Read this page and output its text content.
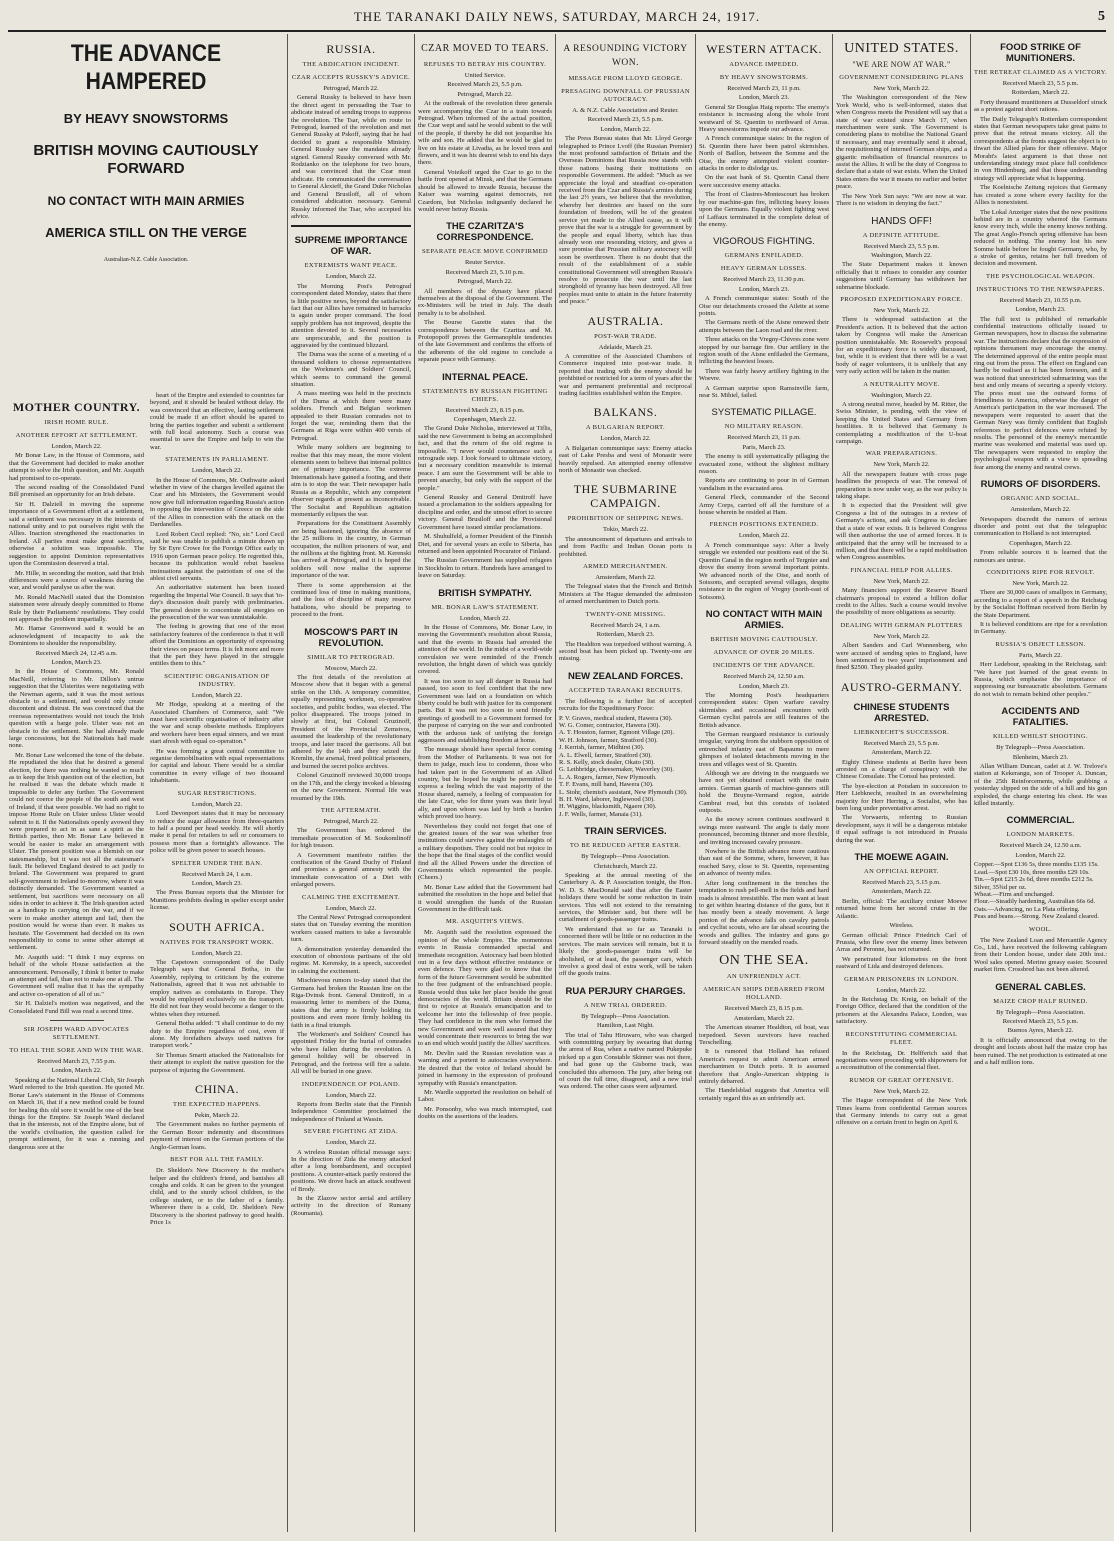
THE TARANAKI DAILY NEWS, SATURDAY, MARCH 24, 1917.	5
THE ADVANCE HAMPERED
BY HEAVY SNOWSTORMS
BRITISH MOVING CAUTIOUSLY FORWARD
NO CONTACT WITH MAIN ARMIES
AMERICA STILL ON THE VERGE
Australian-N.Z. Cable Association.
MOTHER COUNTRY.
IRISH HOME RULE.
ANOTHER EFFORT AT SETTLEMENT.
London, March 22.

Mr Bonar Law, in the House of Commons, said that the Government had decided to make another attempt to solve the Irish question, and Mr. Asquith had promised to co-operate.

The second reading of the Consolidated Fund Bill promised an opportunity for an Irish debate.

Sir H. Dalziell in moving the supreme importance of a Government effort at a settlement, said a settlement was necessary in the interests of national unity and to put ourselves right with the Allies. Inaction strengthened the reactionaries in Ireland. All parties must make great sacrifices, otherwise a solution was impossible. The suggestion to appoint Dominion representatives upon the Commission deserved a trial.

Mr. Hille, in seconding the motion, said that Irish differences were a source of weakness during the war, and would paralyse us after the war.

Mr. Ronald MacNeill stated that the Dominion statesmen were already deeply committed to Home Rule by their Parliaments' resolutions. They could not approach the problem impartially.

Mr. Hamar Greenwood said it would be an acknowledgment of incapacity to ask the Dominions to shoulder the responsibility.

Received March 24, 12.45 a.m.
London, March 23.

In the House of Commons, Mr. Ronald MacNeill, referring to Mr. Dillon's untrue suggestion that the Ulsterites were negotiating with the Newman agents, said it was the most serious obstacle to a settlement, and would only create discontent and distrust. He was convinced that the overseas representatives would not touch the Irish question with a barge pole. Ulster was not an obstacle to the settlement. She had already made large concessions, but the Nationalists had made none.

Mr. Bonar Law welcomed the tone of the debate. He repudiated the idea that he desired a general election, for there was nothing he wanted so much as to keep the Irish question out of the election, but he realised it was the debate which made it impossible to defer any further. The Government could not coerce the people of the south and west of Ireland, if that were possible. We had no right to impose Home Rule on Ulster unless Ulster would submit to it. If the Nationalists openly avowed they were prepared to act in as sane a spirit as the British parties, then Mr. Bonar Law believed it would be easier to make an arrangement with Ulster. The present position was a blemish on our statesmanship, but it was not all the statesman's fault. He believed England desired to act justly to Ireland. The Government was prepared to grant self-government to Ireland to-morrow, where it was distinctly demanded. The Government wanted a settlement, but sacrifices were necessary on all sides in order to achieve it. The Irish question acted as a handicap in carrying on the war, and if we were to make another attempt and fail, then the position would be worse than ever. It makes us hesitate. The Government had decided on its own responsibility to come to some other attempt at settlement.

Mr. Asquith said: "I think I may express on behalf of the whole House satisfaction at the announcement. Personally, I think it better to make an attempt and fail, than not to make one at all. The Government will realise that it has the sympathy and active co-operation of all of us."

Sir H. Dalziel's motion was negatived, and the Consolidated Fund Bill was read a second time.

SIR JOSEPH WARD ADVOCATES SETTLEMENT.
TO HEAL THE SORE AND WIN THE WAR.
Received March 23, 7.55 p.m.
London, March 22.

Speaking at the National Liberal Club, Sir Joseph Ward referred to the Irish question. He quoted Mr. Bonar Law's statement in the House of Commons on March 16, that if a new method could be found for healing this old sore it would be one of the best things for the Empire. Sir Joseph Ward declared that in the interests, not of the Empire alone, but of the world's civilisation, the question called for prompt settlement, for it was a running and dangerous sore at the

heart of the Empire and extended to countries far beyond, and it should be healed without delay. He was convinced that an effective, lasting settlement could be made if an effort should be spared to bring the parties together and submit a settlement with full local autonomy. Such a course was essential to save the Empire and help to win the war.

STATEMENTS IN PARLIAMENT.
London, March 22.

In the House of Commons, Mr. Outhwaite asked whether in view of the charges levelled against the Czar and his Ministers, the Government would now give full information regarding Russia's action in opposing the intervention of Greece on the side of the Allies in connection with the attack on the Dardanelles.

Lord Robert Cecil replied: "No, sir." Lord Cecil said he was unable to publish a minute drawn up by Sir Eyre Crowe for the Foreign Office early in 1916 upon German peace policy. He regretted this, because its publication would rebut baseless insinuations against the patriotism of one of the ablest civil servants.

An authoritative statement has been issued regarding the Imperial War Council. It says that 'to-day's discussion dealt purely with preliminaries. The general desire to concentrate all energies on the prosecution of the war was unmistakable.

The feeling is growing that one of the most satisfactory features of the conference is that it will afford the Dominions an opportunity of expressing their views on peace terms. It is felt more and more that the part they have played in the struggle entitles them to this."

SCIENTIFIC ORGANISATION OF INDUSTRY.
London, March 22.

Mr Hodge, speaking at a meeting of the Associated Chambers of Commerce, said: "We must have scientific organisation of industry after the war and scrap obsolete methods. Employers and workers have been equal sinners, and we must start afresh with equal co-operation."

He was forming a great central committee to organise demobilisation with equal representations for capital and labour. There would be a similar committee in every village of two thousand inhabitants.

SUGAR RESTRICTIONS.
London, March 22.

Lord Devonport states that it may be necessary to reduce the sugar allowance from three-quarters to half a pound per head weekly. He will shortly make it penal for retailers to sell or consumers to possess more than a fortnight's allowance. The police will be given power to search houses.

SPELTER UNDER THE BAN.
Received March 24, 1 a.m.
London, March 23.

The Press Bureau reports that the Minister for Munitions prohibits dealing in spelter except under license.

SOUTH AFRICA.
NATIVES FOR TRANSPORT WORK.
London, March 22.

The Capetown correspondent of the Daily Telegraph says that General Botha, in the Assembly, replying to criticism by the extreme Nationalists, agreed that it was not advisable to employ natives as combatants in Europe. They would be employed exclusively on the transport. He did not fear they would become a danger to the whites when they returned.

General Botha added: "I shall continue to do my duty to the Empire regardless of cost, even if alone. My forefathers always used natives for transport work."

Sir Thomas Smartt attacked the Nationalists for their attempt to exploit the native question for the purpose of injuring the Government.

CHINA.
THE EXPECTED HAPPENS.
Pekin, March 22.

The Government makes no further payments of the German Boxer indemnity and discontinues payment of interest on the German portions of the Anglo-German loans.

BEST FOR ALL THE FAMILY.

Dr. Sheldon's New Discovery is the mother's helper and the children's friend, and banishes all coughs and colds. It can be given to the youngest child, and to the sturdy school children, to the college student, or to the father of a family. Wherever there is a cold, Dr. Sheldon's New Discovery is the shortest pathway to good health. Price 1s

RUSSIA.
THE ABDICATION INCIDENT.
CZAR ACCEPTS RUSSKY'S ADVICE.
Petrograd, March 22.

General Russky is believed to have been the direct agent in persuading the Tsar to abdicate instead of sending troops to suppress the revolution. The Tsar, while en route to Petrograd, learned of the revolution and met General Russky at Pskoff, saying that he had decided to grant a responsible Ministry. General Russky saw the mandates already signed. General Russky conversed with Mr. Rodzianko on the telephone for two hours, and was convinced that the Czar must abdicate. He communicated the conversation to General Alexieff, the Grand Duke Nicholas and General Brusiloff, all of whom considered abdication necessary. General Russky informed the Tsar, who accepted his advice.

SUPREME IMPORTANCE OF WAR.
EXTREMISTS WANT PEACE.
London, March 22.

The Morning Post's Petrograd correspondent dated Monday, states that there is little positive news, beyond the satisfactory fact that our Allies have remained in barracks is again under proper command. The food supply problem has not improved, despite the attention devoted to it. Several necessaries are unprocurable, and the position is aggravated by the continued blizzard.

The Duma was the scene of a meeting of a thousand soldiers to choose representatives on the Workmen's and Soldiers' Council, which seems to command the general situation.

A mass meeting was held in the precincts of the Duma at which there were many soldiers. French and Belgian workmen appealed to their Russian comrades not to forget the war, reminding them that the Germans at Riga were within 400 versts of Petrograd.

While many soldiers are beginning to realise that this may mean, the more violent elements seem to believe that internal politics are of primary importance. The extreme Internationals have gained a footing, and their aim is to stop the war. Their newspaper hails Russia as a Republic, which any competent observer regards at present as inconceivable. The Socialist and Republican agitation momentarily eclipses the war.

Preparations for the Constituent Assembly are being hastened, ignoring the absence of the 25 millions in the country, in German occupation, the million prisoners of war, and the millions at the fighting front. M. Kerenski has arrived at Petrograd, and it is hoped the soldiers will now realise the supreme importance of the war.

There is some apprehension at the continued loss of time in making munitions, and the loss of discipline of many reserve battalions, who should be preparing to proceed to the front.

MOSCOW'S PART IN REVOLUTION.
SIMILAR TO PETROGRAD.
Moscow, March 22.

The first details of the revolution at Moscow show that it began with a general strike on the 13th. A temporary committee, equally representing workmen, co-operative societies, and public bodies, was elected. The police disappeared. The troops joined in slowly at first, but Colonel Gruzinoff, President of the Provincial Zemstvos, assumed the leadership of the revolutionary troops, and later traced the garrisons. All but adhered by the 14th and they seized the Kremlin, the arsenal, freed political prisoners, and burned the secret police archives.

Colonel Gruzinoff reviewed 30,000 troops on the 17th, and the clergy invoked a blessing on the new Government. Normal life was resumed by the 19th.

THE AFTERMATH.
Petrograd, March 22.

The Government has ordered the immediate prosecution of M. Soukomlinoff for high treason.

A Government manifesto ratifies the confiscation of the Grand Duchy of Finland and promises a general amnesty with the immediate convocation of a Diet with enlarged powers.

CALMING THE EXCITEMENT.
London, March 22.

The Central News' Petrograd correspondent states that on Tuesday evening the munition workers caused matters to take a favourable turn.

A demonstration yesterday demanded the execution of obnoxious partisans of the old regime. M. Kerensky, in a speech, succeeded in calming the excitement.

Mischievous rumors to-day stated that the Germans had broken the Russian line on the Riga-Dvinsk front. General Dmitroff, in a reassuring letter to members of the Duma, states that the army is firmly holding its positions and even more firmly holding its faith in a final triumph.

The Workmen's and Soldiers' Council has appointed Friday for the burial of comrades who have fallen during the revolution. A general holiday will be observed in Petrograd, and the fortress will fire a salute. All will be buried in one grave.

INDEPENDENCE OF POLAND.
London, March 22.

Reports from Berlin state that the Finnish Independence Committee proclaimed the independence of Finland at Wassin.

SEVERE FIGHTING AT ZIDA.
London, March 22.

A wireless Russian official message says: In the direction of Zida the enemy attacked after a long bombardment, and occupied positions. A counter-attack partly restored the positions. We drove back an attack southwest of Brody.

In the Zlazow sector aerial and artillery activity in the direction of Rumany (Roumania).

CZAR MOVED TO TEARS.
REFUSES TO BETRAY HIS COUNTRY.
United Service.
Received March 23, 5.5 p.m.
Petrograd, March 22.

At the outbreak of the revolution three generals were accompanying the Czar in a train towards Petrograd. When informed of the actual position, the Czar wept and said he would submit to the will of the people, if thereby he did not jeopardise his wife and son. He added that he would be glad to live on his estate at Livadia, as he loved trees and flowers, and it was his dearest wish to end his days there.

General Voieikoff urged the Czar to go to the battle front opened at Minsk, and that the Germans should be allowed to invade Russia, because the Kaiser was warning against democrats, not Czardom, but Nicholas indignantly declared he would never betray Russia.

THE CZARITZA'S CORRESPONDENCE.
SEPARATE PEACE MOVE CONFIRMED
Reuter Service.
Received March 23, 5.10 p.m.
Petrograd, March 22.

All members of the dynasty have placed themselves at the disposal of the Government. The ex-Ministers will be tried in July. The death penalty is to be abolished.

The Bourse Gazette states that the correspondence between the Czaritza and M. Protopopoff proves the Germanophile tendencies of the late Government and confirms the efforts of the adherents of the old regime to conclude a separate peace with Germany.

INTERNAL PEACE.
STATEMENTS BY RUSSIAN FIGHTING CHIEFS.
Received March 23, 8.15 p.m.
Copenhagen, March 22.

The Grand Duke Nicholas, interviewed at Tiflis, said the new Government is being an accomplished fact, and that the return of the old regime is impossible. "I never would countenance such a retrograde step. I look forward to ultimate victory, but a necessary condition meanwhile is internal peace. I am sure the Government will be able to prevent anarchy, but only with the support of the people."

General Russky and General Dmitroff have issued a proclamation to the soldiers appealing for discipline and order, and the utmost effort to secure victory. General Brusiloff and the Provisional Government have issued similar proclamations.

M. Shuhulfeld, a former President of the Finnish Diet, and for several years an exile to Siberia, has returned and been appointed Procurator of Finland.

The Russian Government has supplied refugees in Stockholm to return. Hundreds have arranged to leave on Saturday.

BRITISH SYMPATHY.
MR. BONAR LAW'S STATEMENT.
London, March 22.

In the House of Commons, Mr. Bonar Law, in moving the Government's resolution about Russia, said that the events in Russia had arrested the attention of the world. In the midst of a world-wide convulsion we were reminded of the French revolution, the bright dawn of which was quickly covered.

It was too soon to say all danger in Russia had passed, too soon to feel confident that the new Government was laid on a foundation on which liberty could be built with justice for its component parts. But it was not too soon to send friendly greetings of goodwill to a Government formed for the purpose of carrying on the war and confronted with the arduous task of unifying the foreign aggressors and establishing freedom at home.

The message should have special force coming from the Mother of Parliaments. It was not for them to judge, much less to condemn, those who had taken part in the Government of an Allied country, but he hoped he might be permitted to express a feeling which the vast majority of the House shared, namely, a feeling of compassion for the late Czar, who for three years was their loyal ally, and upon whom was laid by birth a burden which proved too heavy.

Nevertheless they could not forget that one of the greatest issues of the war was whether free institutions could survive against the onslaughts of a military despotism. They could not but rejoice in the hope that the final stages of the conflict would find all the Allied Powers under the direction of Governments which represented the people. (Cheers.)

Mr. Bonar Law added that the Government had submitted the resolution in the hope and belief that it would strengthen the hands of the Russian Government in the difficult task.

MR. ASQUITH'S VIEWS.

Mr. Asquith said the resolution expressed the opinion of the whole Empire. The momentous events in Russia commanded special and immediate recognition. Autocracy had been blotted out in a few days without effective resistance or even defence. They were glad to know that the form of the future Government would be submitted to the free judgment of the enfranchised people. Russia would thus take her place beside the great democracies of the world. Britain should be the first to rejoice at Russia's emancipation and to welcome her into the fellowship of free people. They had confidence in the men who formed the new Government and were well assured that they would concentrate their resources to bring the war to an end which would justify the Allies' sacrifices.

Mr. Devlin said the Russian revolution was a warning and a portent to autocracies everywhere. He desired that the voice of Ireland should be joined in harmony in the expression of profound sympathy with Russia's emancipation.

Mr. Wardle supported the resolution on behalf of Labor.

Mr. Ponsonby, who was much interrupted, cast doubts on the assertions of the leaders.

A RESOUNDING VICTORY WON.
MESSAGE FROM LLOYD GEORGE.
PRESAGING DOWNFALL OF PRUSSIAN AUTOCRACY.
A. & N.Z. Cable Association and Reuter.
Received March 23, 5.5 p.m.
London, March 22.

The Press Bureau states that Mr. Lloyd George telegraphed to Prince Lvoff (the Russian Premier) the most profound satisfaction of Britain and the Overseas Dominions that Russia now stands with those nations basing their institutions on responsible Government. He added: "Much as we appreciate the loyal and steadfast co-operation received from the Czar and Russia's armies during the last 2½ years, we believe that the revolution, whereby her destinies are based on the sure foundation of freedom, will be of the greatest service yet made to the Allied cause, as it will prove that the war is a struggle for government by the people and equal liberty, which has thus already won one resounding victory, and gives a sure promise that Prussian military autocracy will soon be overthrown. There is no doubt that the result of the establishment of a stable constitutional Government will strengthen Russia's resolve to prosecute the war until the last stronghold of tyranny has been destroyed. All free peoples must unite to attain in the future fraternity and peace."

AUSTRALIA.
POST-WAR TRADE.
Adelaide, March 23.

A committee of the Associated Chambers of Commerce inquired into post-war trade. It reported that trading with the enemy should be prohibited or restricted for a term of years after the war and permanent preferential and reciprocal trading facilities established within the Empire.

BALKANS.
A BULGARIAN REPORT.
London, March 22.

A Bulgarian communique says: Enemy attacks east of Lake Presba and west of Monastir were heavily repulsed. An attempted enemy offensive north of Monastir was checked.

THE SUBMARINE CAMPAIGN.
PROHIBITION OF SHIPPING NEWS.
Tokio, March 22.

The announcement of departures and arrivals to and from Pacific and Indian Ocean ports is prohibited.

ARMED MERCHANTMEN.
Amsterdam, March 22.

The Telegraaf states that the French and British Ministers at The Hague demanded the admission of armed merchantmen to Dutch ports.

TWENTY-ONE MISSING.
Received March 24, 1 a.m.
Rotterdam, March 23.

The Healdton was torpedoed without warning. A second boat has been picked up. Twenty-one are missing.

NEW ZEALAND FORCES.
ACCEPTED TARANAKI RECRUITS.

The following is a further list of accepted recruits for the Expeditionary Force:

P. V. Graves, medical student, Hawera (30).

W. G. Comer, contractor, Hawera (30).

A. T. Houston, farmer, Egmont Village (20).

W. H. Johnson, farmer, Stratford (30).

J. Kerrish, farmer, Midhirst (30).

A. L. Elwell, farmer, Stratford (30).

R. S. Kelly, stock dealer, Okato (30).

G. Lethbridge, cheesemaker, Waverley (30).

L. A. Rogers, farmer, New Plymouth.

T. F. Evans, mill hand, Hawera (30).

L. Stohr, chemist's assistant, New Plymouth (30).

B. H. Ward, laborer, Inglewood (30).

H. Wiggins, blacksmith, Ngaere (30).

J. F. Wells, farmer, Manaia (31).

TRAIN SERVICES.
TO BE REDUCED AFTER EASTER.
By Telegraph—Press Association.
Christchurch, March 22.

Speaking at the annual meeting of the Canterbury A. & P. Association tonight, the Hon. W. D. S. MacDonald said that after the Easter holidays there would be some reduction in train services. This will not extend to the remaining services, the Minister said, but there will be curtailment of goods-passenger trains.

We understand that so far as Taranaki is concerned there will be little or no reduction in the services. The main services will remain, but it is likely the goods-passenger trains will be abolished, or at least, the passenger cars, which involve a good deal of extra work, will be taken off the goods trains.

RUA PERJURY CHARGES.
A NEW TRIAL ORDERED.
By Telegraph—Press Association.
Hamilton, Last Night.

The trial of Tahu Hiruwaro, who was charged with committing perjury by swearing that during the arrest of Rua, when a native named Pukepuke picked up a gun Constable Skinner was not there, and had gone up the Gisborne track, was concluded this afternoon. The jury, after being out of court the full time, disagreed, and a new trial was ordered. The other cases were adjourned.

WESTERN ATTACK.
ADVANCE IMPEDED.
BY HEAVY SNOWSTORMS.
Received March 23, 11 p.m.
London, March 23.

General Sir Douglas Haig reports: The enemy's resistance is increasing along the whole front westward of St. Quentin to northward of Arras. Heavy snowstorms impede our advance.

A French communique states: In the region of St. Quentin there have been patrol skirmishes. North of Baillon, between the Somme and the Oise, the enemy attempted violent counter-attacks in order to dislodge us.

On the east bank of St. Quentin Canal there were successive enemy attacks.

The front of Clastres-Montescourt has broken by our machine-gun fire, inflicting heavy losses upon the Germans. Equally violent fighting west of Laffaux terminated in the complete defeat of the enemy.

VIGOROUS FIGHTING.
GERMANS ENFILADED.
HEAVY GERMAN LOSSES.
Received March 23, 11.30 p.m.
London, March 23.

A French communique states: South of the Oise our detachments crossed the Ailette at some points.

The Germans north of the Aisne renewed their attempts between the Laon road and the river.

Three attacks on the Vregny-Chivres zone were stopped by our barrage fire. Our artillery in the region south of the Aisne enfiladed the Germans, inflicting the heaviest losses.

There was fairly heavy artillery fighting in the Woevre.

A German surprise upon Ramsinville farm, near St. Mihiel, failed.

SYSTEMATIC PILLAGE.
NO MILITARY REASON.
Received March 23, 11 p.m.
Paris, March 23.

The enemy is still systematically pillaging the evacuated zone, without the slightest military reason.

Reports are continuing to pour in of German vandalism in the evacuated area.

General Fleck, commander of the Second Army Corps, carried off all the furniture of a house wherein he resided at Ham.

FRENCH POSITIONS EXTENDED.
London, March 22.

A French communique says: After a lively struggle we extended our positions east of the St. Quentin Canal in the region north of Tergnier and drove the enemy from several important points. We advanced north of the Oise, and north of Soissons, and occupied several villages, despite resistance in the region of Vregny (north-east of Soissons).

NO CONTACT WITH MAIN ARMIES.
BRITISH MOVING CAUTIOUSLY.
ADVANCE OF OVER 20 MILES.
INCIDENTS OF THE ADVANCE.
Received March 24, 12.50 a.m.
London, March 23.

The Morning Post's headquarters correspondent states: Open warfare cavalry skirmishes and occasional encounters with German cyclist patrols are still features of the British advance.

The German rearguard resistance is curiously irregular, varying from the stubborn opposition of entrenched infantry east of Bapaume to mere glimpses of isolated detachments moving in the trees and villages west of St. Quentin.

Although we are driving in the rearguards we have not yet obtained contact with the main armies. German guards of machine-gunners still hold the Bruyne-Vermand region, astride Cambrai road, but this consists of isolated outposts.

As the snowy screen continues southward it swings more eastward. The angle is daily more pronounced, becoming thinner and more flexible, and inviting increased cavalry pressure.

Nowhere is the British advance more cautious than east of the Somme, where, however, it has reached Savy, close to St. Quentin, representing an advance of twenty miles.

After long confinement in the trenches the temptation to rush pell-mell in the fields and hard roads is almost irresistible. The men want at least to get within hearing distance of the guns, but it has mostly been a steady movement. A large portion of the advance falls on cavalry patrols and cyclist scouts, who are far ahead scouring the woods and gullies. The infantry and guns go forward steadily on the mended roads.

ON THE SEA.
AN UNFRIENDLY ACT.
AMERICAN SHIPS DEBARRED FROM HOLLAND.
Received March 23, 8.15 p.m.
Amsterdam, March 22.

The American steamer Healdton, oil boat, was torpedoed. Seven survivors have reached Terschelling.

It is rumored that Holland has refused America's request to admit American armed merchantmen to Dutch ports. It is assumed therefore that Anglo-American shipping is entirely debarred.

The Handelsblad suggests that America will certainly regard this as an unfriendly act.

UNITED STATES.
"WE ARE NOW AT WAR."
GOVERNMENT CONSIDERING PLANS
New York, March 22.

The Washington correspondent of the New York World, who is well-informed, states that when Congress meets the President will say that a state of war existed since March 17, when merchantmen were sunk. The Government is considering plans to mobilise the National Guard if necessary, and may eventually send it abroad, the requisitioning of interned German ships, and a gigantic mobilisation of financial resources to assist the Allies. It will be the duty of Congress to declare that a state of war exists. When the United States enters the war it means no earlier and better peace.

The New York Sun says: "We are now at war. There is no wisdom in denying the fact."

HANDS OFF!
A DEFINITE ATTITUDE.
Received March 23, 5.5 p.m.
Washington, March 22.

The State Department makes it known officially that it refuses to consider any counter suggestions until Germany has withdrawn her submarine blockade.

PROPOSED EXPEDITIONARY FORCE.
New York, March 22.

There is widespread satisfaction at the President's action. It is believed that the action taken by Congress will make the American position unmistakable. Mr. Roosevelt's proposal for an expeditionary force is widely discussed, but, while it is evident that there will be a vast body of eager volunteers, it is unlikely that any very early action will be taken in the matter.

A NEUTRALITY MOVE.
Washington, March 22.

A strong neutral move, headed by M. Ritter, the Swiss Minister, is pending, with the view of keeping the United States and Germany from hostilities. It is believed that Germany is contemplating a modification of the U-boat campaign.

WAR PREPARATIONS.
New York, March 22.

All the newspapers feature with cross page headlines the prospects of war. The renewal of preparation is now under way, as the war policy is taking shape.

It is expected that the President will give Congress a list of the outrages in a review of Germany's actions, and ask Congress to declare that a state of war exists. It is believed Congress will then authorise the use of armed forces. It is anticipated that the army will be increased to a million, and that there will be a rapid mobilisation when Congress assembles.

FINANCIAL HELP FOR ALLIES.
New York, March 22.

Many financiers support the Reserve Board chairman's proposal to extend a billion dollar credit to the Allies. Such a course would involve the possibility of more obligations as security.

DEALING WITH GERMAN PLOTTERS
New York, March 22.

Albert Sanders and Carl Wunnenberg, who were accused of sending spies to England, have been sentenced to two years' imprisonment and fined $2500. They pleaded guilty.

AUSTRO-GERMANY.
CHINESE STUDENTS ARRESTED.
LIEBKNECHT'S SUCCESSOR.
Received March 23, 5.5 p.m.
Amsterdam, March 22.

Eighty Chinese students at Berlin have been arrested on a charge of conspiracy with the Chinese Consulate. The Consul has protested.

The bye-election at Potsdam in succession to Herr Liebknecht, resulted in an overwhelming majority for Herr Herring, a Socialist, who has been long under preventative arrest.

The Vorwaerts, referring to Russian development, says it will be a dangerous mistake if equal suffrage is not introduced in Prussia during the war.

THE MOEWE AGAIN.
AN OFFICIAL REPORT.
Received March 23, 5.15 p.m.
Amsterdam, March 22.

Berlin, official: The auxiliary cruiser Moewe returned home from her second cruise in the Atlantic.

Wireless.

German official: Prince Friedrich Carl of Prussia, who flew over the enemy lines between Arras and Peronne, has not returned.

We penetrated four kilometres on the front eastward of Lida and destroyed defences.

GERMAN PRISONERS IN LONDON.
London, March 22.

In the Reichstag Dr. Kreig, on behalf of the Foreign Office, declared that the condition of the prisoners at the Alexandra Palace, London, was satisfactory.

RECONSTITUTING COMMERCIAL FLEET.

In the Reichstag, Dr. Helfferich said that negotiations were proceeding with shipowners for a reconstitution of the commercial fleet.

RUMOR OF GREAT OFFENSIVE.
New York, March 22.

The Hague correspondent of the New York Times learns from confidential German sources that Germany intends to carry out a great offensive on a certain front to begin on April 6.

FOOD STRIKE OF MUNITIONERS.
THE RETREAT CLAIMED AS A VICTORY.
Received March 23, 5.5 p.m.
Rotterdam, March 22.

Forty thousand munitioners at Dusseldorf struck as a protest against short rations.

The Daily Telegraph's Rotterdam correspondent states that German newspapers take great pains to prove that the retreat means victory. All the correspondents at the fronts suggest the object is to thwart the Allied plans for their offensive. Major Moraht's latest argument is that those not understanding strategy must place full confidence in von Hindenburg, and that those understanding strategy will appreciate what is happening.

The Koelnische Zeitung rejoices that Germany has created a zone where every facility for the Allies is nonexistent.

The Lokal Anzeiger states that the new positions behind are in a country whereof the Germans know every inch, while the enemy knows nothing. The great Anglo-French spring offensive has been reduced to nothing. The enemy lost his new Somme battle before he fought Germany, who, by a stroke of genius, retains her full freedom of decision and movement.

THE PSYCHOLOGICAL WEAPON.
INSTRUCTIONS TO THE NEWSPAPERS.
Received March 23, 10.55 p.m.
London, March 23.

The full text is published of remarkable confidential instructions officially issued to German newspapers, how to discuss the submarine war. The instructions declare that the expression of opinions thereanent may encourage the enemy. The determined approval of the entire people must ring out from the press. The effect on England can hardly be realised as it has been foreseen, and it was noticed that unrestricted submarining was the best and only means of securing a speedy victory. The press must use the outward forms of friendliness to America, otherwise the danger of America's participation in the war increased. The newspapers were requested to assert that the German Navy was firmly confident that English references to perfect defences were refuted by results. The personnel of the enemy's mercantile marine was weakened and material was used up. The newspapers were requested to employ the psychological weapon with a view to spreading fear among the enemy and neutral crews.

RUMORS OF DISORDERS.
ORGANIC AND SOCIAL.
Amsterdam, March 22.

Newspapers discredit the rumors of serious disorder and point out that the telegraphic communication to Holland is not interrupted.

Copenhagen, March 22.

From reliable sources it is learned that the rumours are untrue.

CONDITIONS RIPE FOR REVOLT.
New York, March 22.

There are 30,000 cases of smallpox in Germany, according to a report of a speech in the Reichstag by the Socialist Hoffman received from Berlin by the State Department.

It is believed conditions are ripe for a revolution in Germany.

RUSSIA'S OBJECT LESSON.
Paris, March 22.

Herr Ledebour, speaking in the Reichstag, said: "We have just learned of the great events in Russia, which emphasise the importance of suppressing our bureaucratic absolutism. Germans do not wish to remain behind other peoples."

ACCIDENTS AND FATALITIES.
KILLED WHILST SHOOTING.
By Telegraph—Press Association.
Blenheim, March 23.

Allan William Duncan, cadet at J. W. Trelove's station at Kekerangu, son of Trooper A. Duncan, of the 25th Reinforcements, while grabbing a yesterday slipped on the side of a hill and his gun exploded, the charge entering his chest. He was killed instantly.

COMMERCIAL.
LONDON MARKETS.
Received March 24, 12.50 a.m.
London, March 22.

Copper.—Spot £136 5s, three months £135 15s.

Lead.—Spot £30 10s, three months £29 10s.

Tin.—Spot £215 2s 6d, three months £212 5s.

Silver, 35¾d per oz.

Wheat.—Firm and unchanged.

Flour.—Steadily hardening, Australian 66s 6d.

Oats.—Advancing, no La Plata offering.

Peas and beans.—Strong. New Zealand cleared.

WOOL.

The New Zealand Loan and Mercantile Agency Co., Ltd., have received the following cablegram from their London house, under date 20th inst.: Wool sales opened. Merino greasy easier. Scoured market firm. Crossbred has not been altered.

GENERAL CABLES.
MAIZE CROP HALF RUINED.
By Telegraph—Press Association.
Received March 23, 5.5 p.m.
Buenos Ayres, March 22.

It is officially announced that owing to the drought and locusts about half the maize crop has been ruined. The net production is estimated at one and a half million tons.
